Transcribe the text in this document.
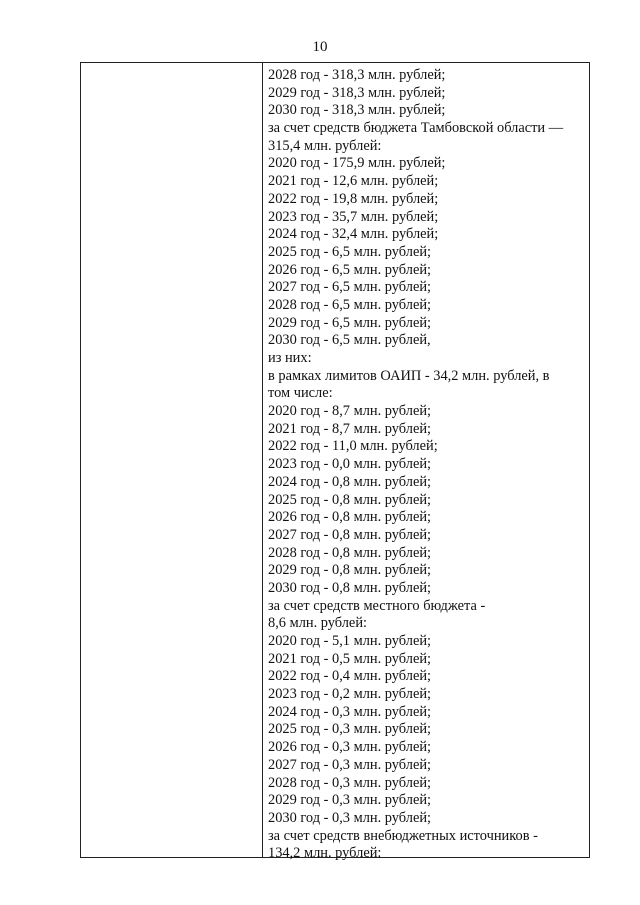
10
2028 год - 318,3 млн. рублей;
2029 год - 318,3 млн. рублей;
2030 год - 318,3 млн. рублей;
за счет средств бюджета Тамбовской области —
315,4 млн. рублей:
2020 год - 175,9 млн. рублей;
2021 год - 12,6 млн. рублей;
2022 год - 19,8 млн. рублей;
2023 год - 35,7 млн. рублей;
2024 год - 32,4 млн. рублей;
2025 год - 6,5 млн. рублей;
2026 год - 6,5 млн. рублей;
2027 год - 6,5 млн. рублей;
2028 год - 6,5 млн. рублей;
2029 год - 6,5 млн. рублей;
2030 год - 6,5 млн. рублей,
из них:
в рамках лимитов ОАИП - 34,2 млн. рублей, в
том числе:
2020 год - 8,7 млн. рублей;
2021 год - 8,7 млн. рублей;
2022 год - 11,0 млн. рублей;
2023 год - 0,0 млн. рублей;
2024 год - 0,8 млн. рублей;
2025 год - 0,8 млн. рублей;
2026 год - 0,8 млн. рублей;
2027 год - 0,8 млн. рублей;
2028 год - 0,8 млн. рублей;
2029 год - 0,8 млн. рублей;
2030 год - 0,8 млн. рублей;
за счет средств местного бюджета -
8,6 млн. рублей:
2020 год - 5,1 млн. рублей;
2021 год - 0,5 млн. рублей;
2022 год - 0,4 млн. рублей;
2023 год - 0,2 млн. рублей;
2024 год - 0,3 млн. рублей;
2025 год - 0,3 млн. рублей;
2026 год - 0,3 млн. рублей;
2027 год - 0,3 млн. рублей;
2028 год - 0,3 млн. рублей;
2029 год - 0,3 млн. рублей;
2030 год - 0,3 млн. рублей;
за счет средств внебюджетных источников -
134,2 млн. рублей:
